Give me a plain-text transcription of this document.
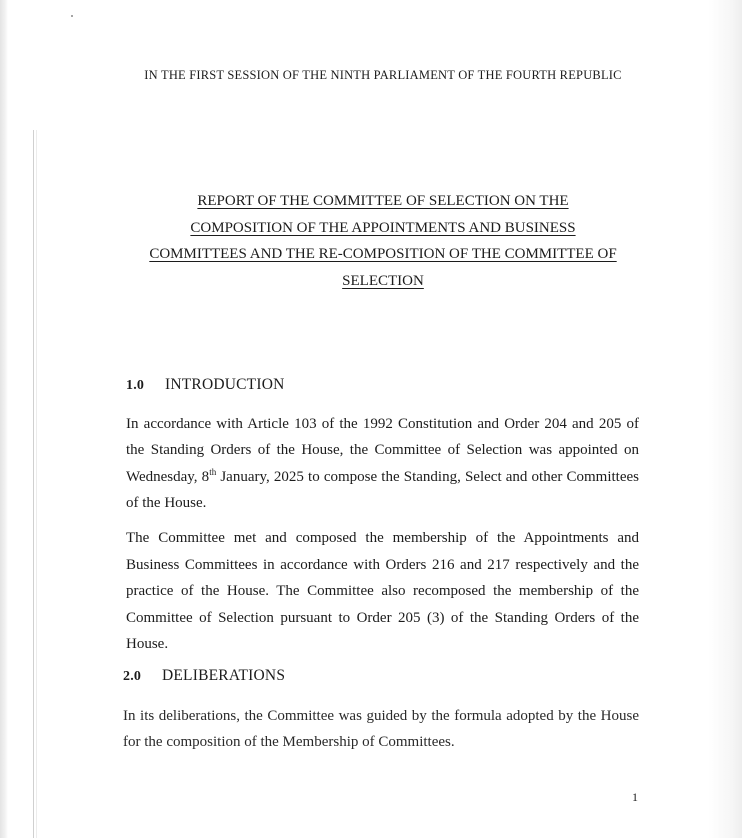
IN THE FIRST SESSION OF THE NINTH PARLIAMENT OF THE FOURTH REPUBLIC
REPORT OF THE COMMITTEE OF SELECTION ON THE
COMPOSITION OF THE APPOINTMENTS AND BUSINESS
COMMITTEES AND THE RE-COMPOSITION OF THE COMMITTEE OF
SELECTION
1.0 INTRODUCTION

In accordance with Article 103 of the 1992 Constitution and Order 204 and 205 of the Standing Orders of the House, the Committee of Selection was appointed on Wednesday, 8th January, 2025 to compose the Standing, Select and other Committees of the House.

The Committee met and composed the membership of the Appointments and Business Committees in accordance with Orders 216 and 217 respectively and the practice of the House. The Committee also recomposed the membership of the Committee of Selection pursuant to Order 205 (3) of the Standing Orders of the House.

2.0 DELIBERATIONS

In its deliberations, the Committee was guided by the formula adopted by the House for the composition of the Membership of Committees.

1
